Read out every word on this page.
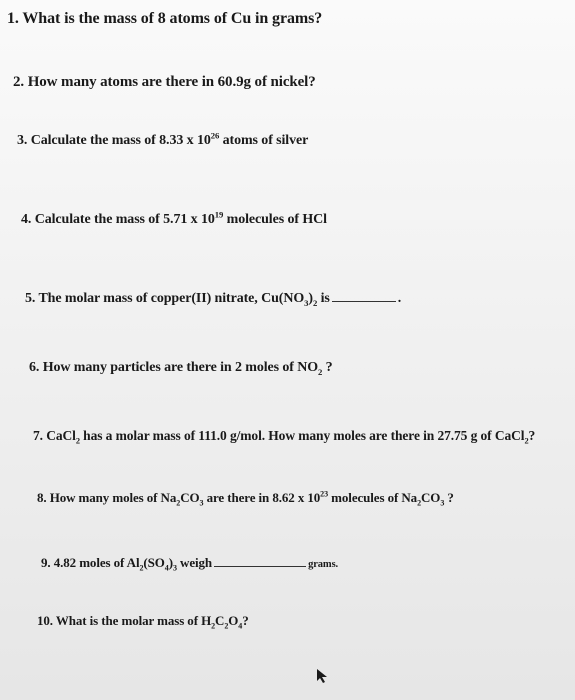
1. What is the mass of 8 atoms of Cu in grams?
2. How many atoms are there in 60.9g of nickel?
3. Calculate the mass of 8.33 x $10^{26}$ atoms of silver
4. Calculate the mass of 5.71 x $10^{19}$ molecules of HCl
5. The molar mass of copper(II) nitrate, $Cu(NO_3)_2$ is	.
6. How many particles are there in 2 moles of $NO_2$ ?
7. CaCl$_2$ has a molar mass of 111.0 g/mol. How many moles are there in 27.75 g of CaCl$_2$?
8. How many moles of $Na_2CO_3$ are there in 8.62 x $10^{23}$ molecules of $Na_2CO_3$ ?
9. 4.82 moles of $Al_2(SO_4)_3$ weigh	grams.
10. What is the molar mass of $H_2C_2O_4$?
